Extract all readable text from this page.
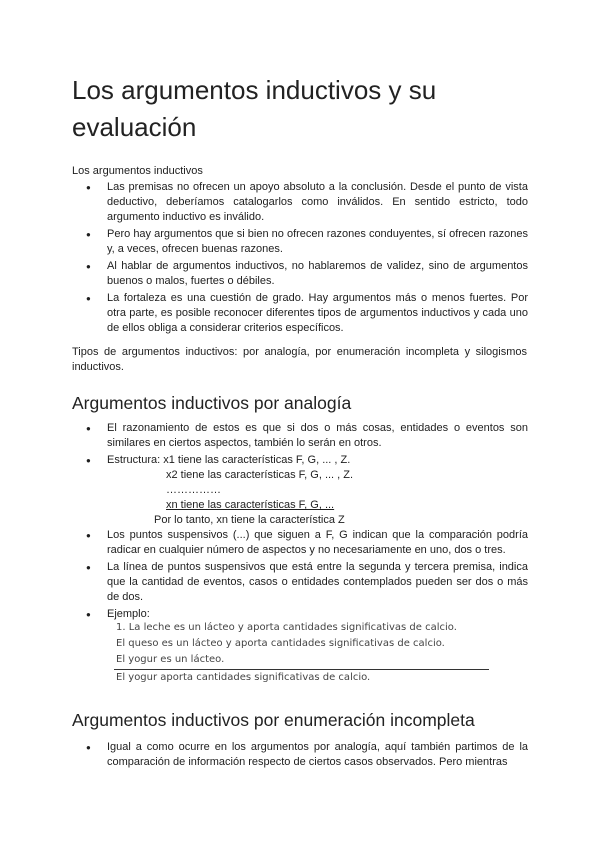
Los argumentos inductivos y su evaluación

Los argumentos inductivos

● Las premisas no ofrecen un apoyo absoluto a la conclusión. Desde el punto de vista deductivo, deberíamos catalogarlos como inválidos. En sentido estricto, todo argumento inductivo es inválido.
● Pero hay argumentos que si bien no ofrecen razones conduyentes, sí ofrecen razones y, a veces, ofrecen buenas razones.
● Al hablar de argumentos inductivos, no hablaremos de validez, sino de argumentos buenos o malos, fuertes o débiles.
● La fortaleza es una cuestión de grado. Hay argumentos más o menos fuertes. Por otra parte, es posible reconocer diferentes tipos de argumentos inductivos y cada uno de ellos obliga a considerar criterios específicos.

Tipos de argumentos inductivos: por analogía, por enumeración incompleta y silogismos inductivos.

Argumentos inductivos por analogía
● El razonamiento de estos es que si dos o más cosas, entidades o eventos son similares en ciertos aspectos, también lo serán en otros.
● Estructura: x1 tiene las características F, G, ... , Z.

x2 tiene las características F, G, ... , Z.

……………

xn tiene las características F, G, ...

Por lo tanto, xn tiene la característica Z

● Los puntos suspensivos (...) que siguen a F, G indican que la comparación podría radicar en cualquier número de aspectos y no necesariamente en uno, dos o tres.
● La línea de puntos suspensivos que está entre la segunda y tercera premisa, indica que la cantidad de eventos, casos o entidades contemplados pueden ser dos o más de dos.
● Ejemplo:

1. La leche es un lácteo y aporta cantidades significativas de calcio.

El queso es un lácteo y aporta cantidades significativas de calcio.

El yogur es un lácteo.

El yogur aporta cantidades significativas de calcio.

Argumentos inductivos por enumeración incompleta
● Igual a como ocurre en los argumentos por analogía, aquí también partimos de la comparación de información respecto de ciertos casos observados. Pero mientras
